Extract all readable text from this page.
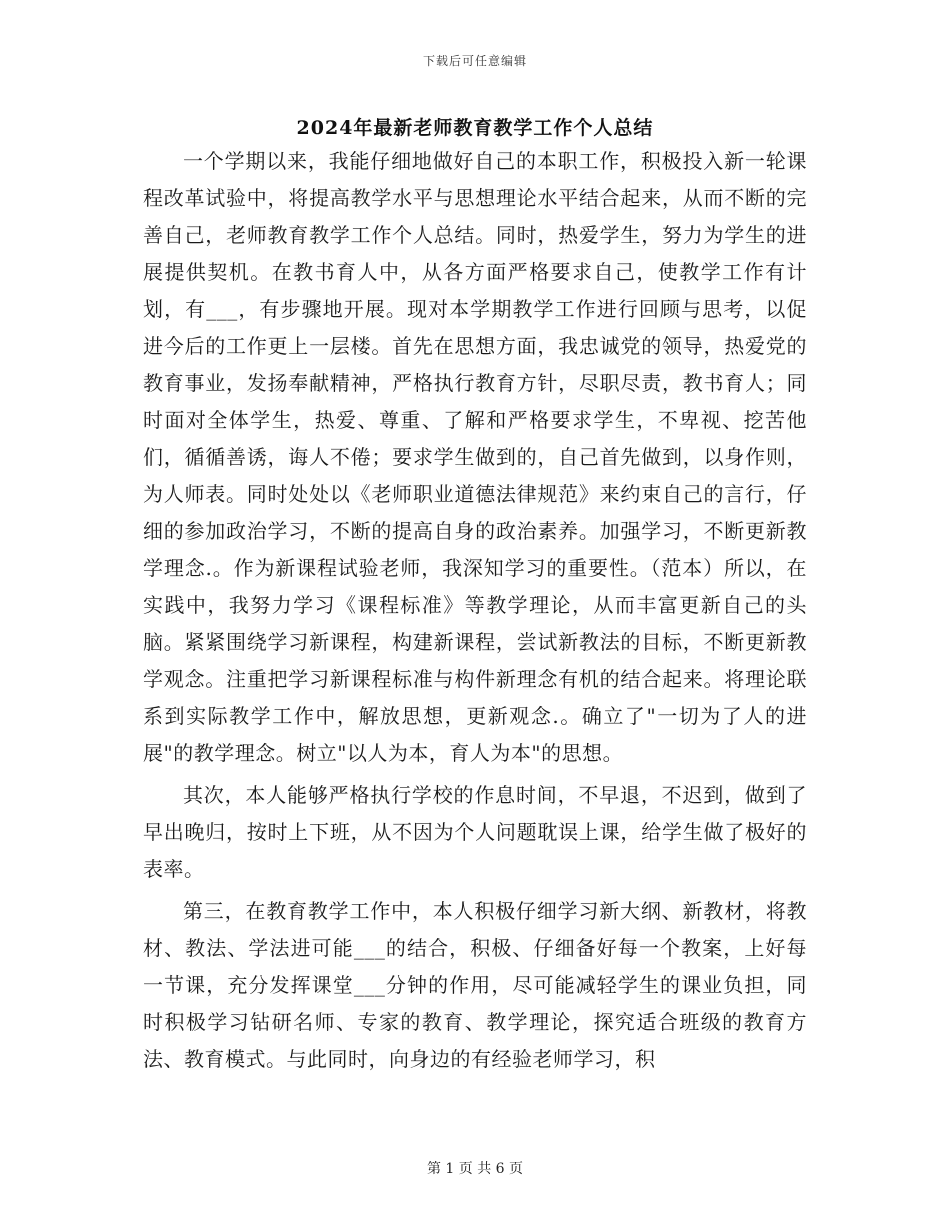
下载后可任意编辑
2024年最新老师教育教学工作个人总结

一个学期以来，我能仔细地做好自己的本职工作，积极投入新一轮课程改革试验中，将提高教学水平与思想理论水平结合起来，从而不断的完善自己，老师教育教学工作个人总结。同时，热爱学生，努力为学生的进展提供契机。在教书育人中，从各方面严格要求自己，使教学工作有计划，有___，有步骤地开展。现对本学期教学工作进行回顾与思考，以促进今后的工作更上一层楼。首先在思想方面，我忠诚党的领导，热爱党的教育事业，发扬奉献精神，严格执行教育方针，尽职尽责，教书育人；同时面对全体学生，热爱、尊重、了解和严格要求学生，不卑视、挖苦他们，循循善诱，诲人不倦；要求学生做到的，自己首先做到，以身作则，为人师表。同时处处以《老师职业道德法律规范》来约束自己的言行，仔细的参加政治学习，不断的提高自身的政治素养。加强学习，不断更新教学理念.。作为新课程试验老师，我深知学习的重要性。（范本）所以，在实践中，我努力学习《课程标准》等教学理论，从而丰富更新自己的头脑。紧紧围绕学习新课程，构建新课程，尝试新教法的目标，不断更新教学观念。注重把学习新课程标准与构件新理念有机的结合起来。将理论联系到实际教学工作中，解放思想，更新观念.。确立了"一切为了人的进展"的教学理念。树立"以人为本，育人为本"的思想。

其次，本人能够严格执行学校的作息时间，不早退，不迟到，做到了早出晚归，按时上下班，从不因为个人问题耽误上课，给学生做了极好的表率。

第三，在教育教学工作中，本人积极仔细学习新大纲、新教材，将教材、教法、学法进可能___的结合，积极、仔细备好每一个教案，上好每一节课，充分发挥课堂___分钟的作用，尽可能减轻学生的课业负担，同时积极学习钻研名师、专家的教育、教学理论，探究适合班级的教育方法、教育模式。与此同时，向身边的有经验老师学习，积

第 1 页 共 6 页
